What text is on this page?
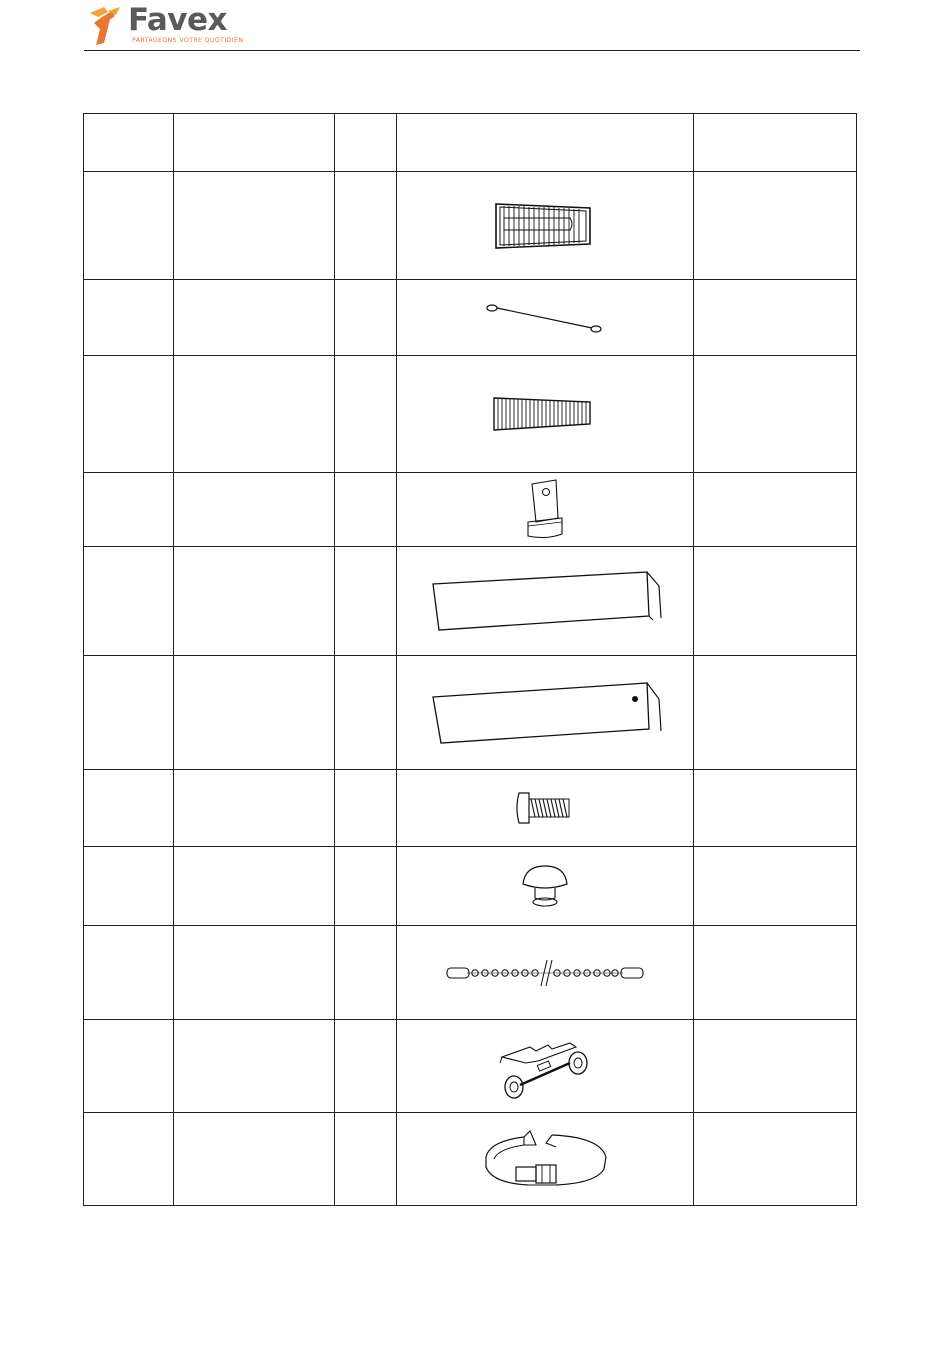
Favex
PARTAGEONS VOTRE QUOTIDIEN
